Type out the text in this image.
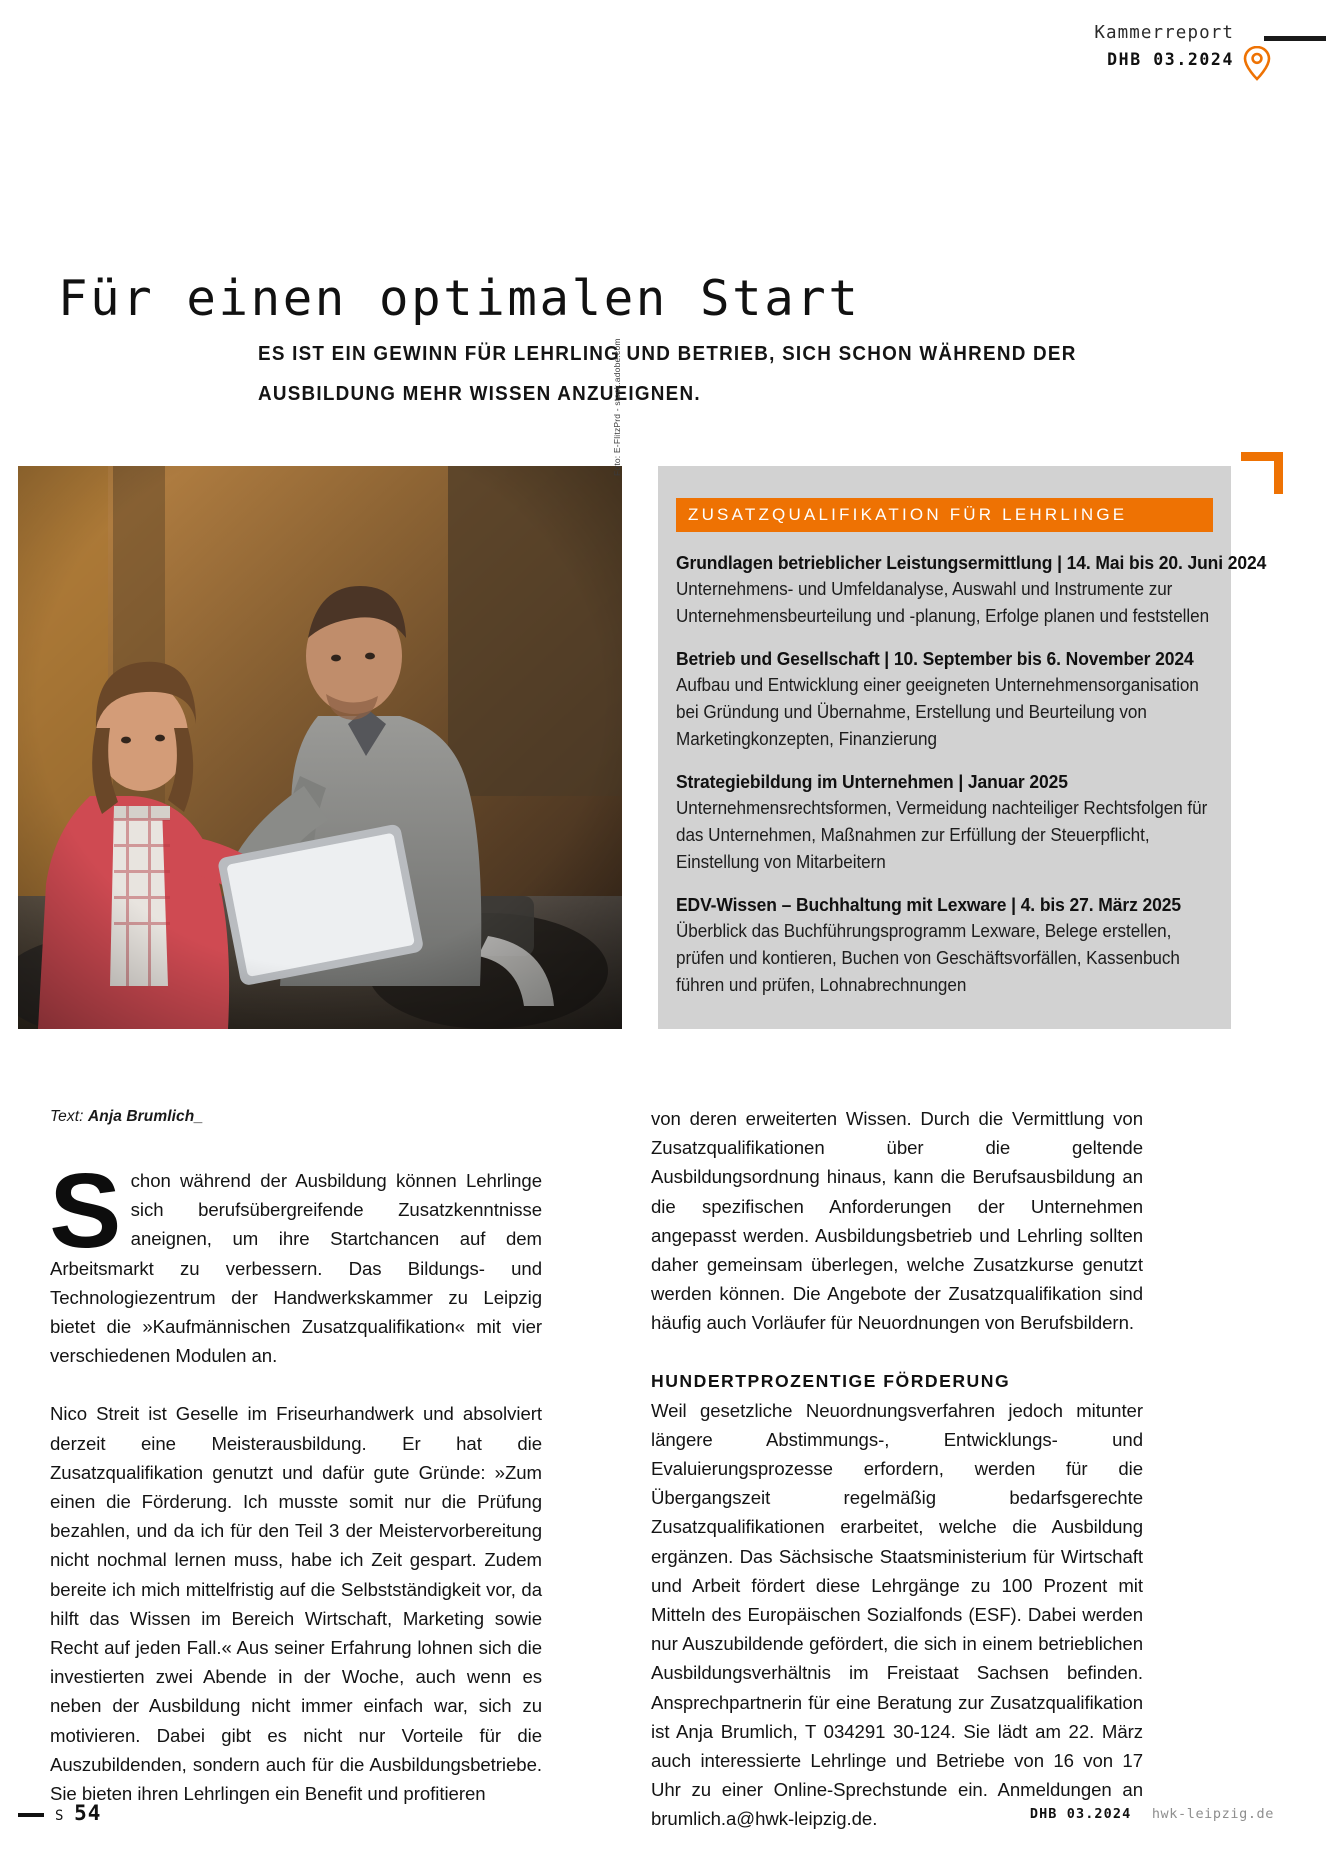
Kammerreport
DHB 03.2024
Für einen optimalen Start
ES IST EIN GEWINN FÜR LEHRLING UND BETRIEB, SICH SCHON WÄHREND DER
AUSBILDUNG MEHR WISSEN ANZUEIGNEN.
ZUSATZQUALIFIKATION FÜR LEHRLINGE
Grundlagen betrieblicher Leistungsermittlung | 14. Mai bis 20. Juni 2024
Unternehmens- und Umfeldanalyse, Auswahl und Instrumente zur Unternehmensbeurteilung und -planung, Erfolge planen und feststellen
Betrieb und Gesellschaft | 10. September bis 6. November 2024
Aufbau und Entwicklung einer geeigneten Unternehmensorganisation bei Gründung und Übernahme, Erstellung und Beurteilung von Marketingkonzepten, Finanzierung
Strategiebildung im Unternehmen | Januar 2025
Unternehmensrechtsformen, Vermeidung nachteiliger Rechtsfolgen für das Unternehmen, Maßnahmen zur Erfüllung der Steuerpflicht, Einstellung von Mitarbeitern
EDV-Wissen – Buchhaltung mit Lexware | 4. bis 27. März 2025
Überblick das Buchführungsprogramm Lexware, Belege erstellen, prüfen und kontieren, Buchen von Geschäftsvorfällen, Kassenbuch führen und prüfen, Lohnabrechnungen
Foto: E-FlitzPrd - stock.adobe.com
Text: Anja Brumlich_

Schon während der Ausbildung können Lehrlinge sich berufsübergreifende Zusatzkenntnisse aneignen, um ihre Startchancen auf dem Arbeitsmarkt zu verbessern. Das Bildungs- und Technologiezentrum der Handwerkskammer zu Leipzig bietet die »Kaufmännischen Zusatzqualifikation« mit vier verschiedenen Modulen an.

Nico Streit ist Geselle im Friseurhandwerk und absolviert derzeit eine Meisterausbildung. Er hat die Zusatzqualifikation genutzt und dafür gute Gründe: »Zum einen die Förderung. Ich musste somit nur die Prüfung bezahlen, und da ich für den Teil 3 der Meistervorbereitung nicht nochmal lernen muss, habe ich Zeit gespart. Zudem bereite ich mich mittelfristig auf die Selbstständigkeit vor, da hilft das Wissen im Bereich Wirtschaft, Marketing sowie Recht auf jeden Fall.« Aus seiner Erfahrung lohnen sich die investierten zwei Abende in der Woche, auch wenn es neben der Ausbildung nicht immer einfach war, sich zu motivieren. Dabei gibt es nicht nur Vorteile für die Auszubildenden, sondern auch für die Ausbildungsbetriebe. Sie bieten ihren Lehrlingen ein Benefit und profitieren

von deren erweiterten Wissen. Durch die Vermittlung von Zusatzqualifikationen über die geltende Ausbildungsordnung hinaus, kann die Berufsausbildung an die spezifischen Anforderungen der Unternehmen angepasst werden. Ausbildungsbetrieb und Lehrling sollten daher gemeinsam überlegen, welche Zusatzkurse genutzt werden können. Die Angebote der Zusatzqualifikation sind häufig auch Vorläufer für Neuordnungen von Berufsbildern.

HUNDERTPROZENTIGE FÖRDERUNG

Weil gesetzliche Neuordnungsverfahren jedoch mitunter längere Abstimmungs-, Entwicklungs- und Evaluierungsprozesse erfordern, werden für die Übergangszeit regelmäßig bedarfsgerechte Zusatzqualifikationen erarbeitet, welche die Ausbildung ergänzen. Das Sächsische Staatsministerium für Wirtschaft und Arbeit fördert diese Lehrgänge zu 100 Prozent mit Mitteln des Europäischen Sozialfonds (ESF). Dabei werden nur Auszubildende gefördert, die sich in einem betrieblichen Ausbildungsverhältnis im Freistaat Sachsen befinden. Ansprechpartnerin für eine Beratung zur Zusatzqualifikation ist Anja Brumlich, T 034291 30-124. Sie lädt am 22. März auch interessierte Lehrlinge und Betriebe von 16 von 17 Uhr zu einer Online-Sprechstunde ein. Anmeldungen an brumlich.a@hwk-leipzig.de.

S 54	DHB 03.2024 hwk-leipzig.de
